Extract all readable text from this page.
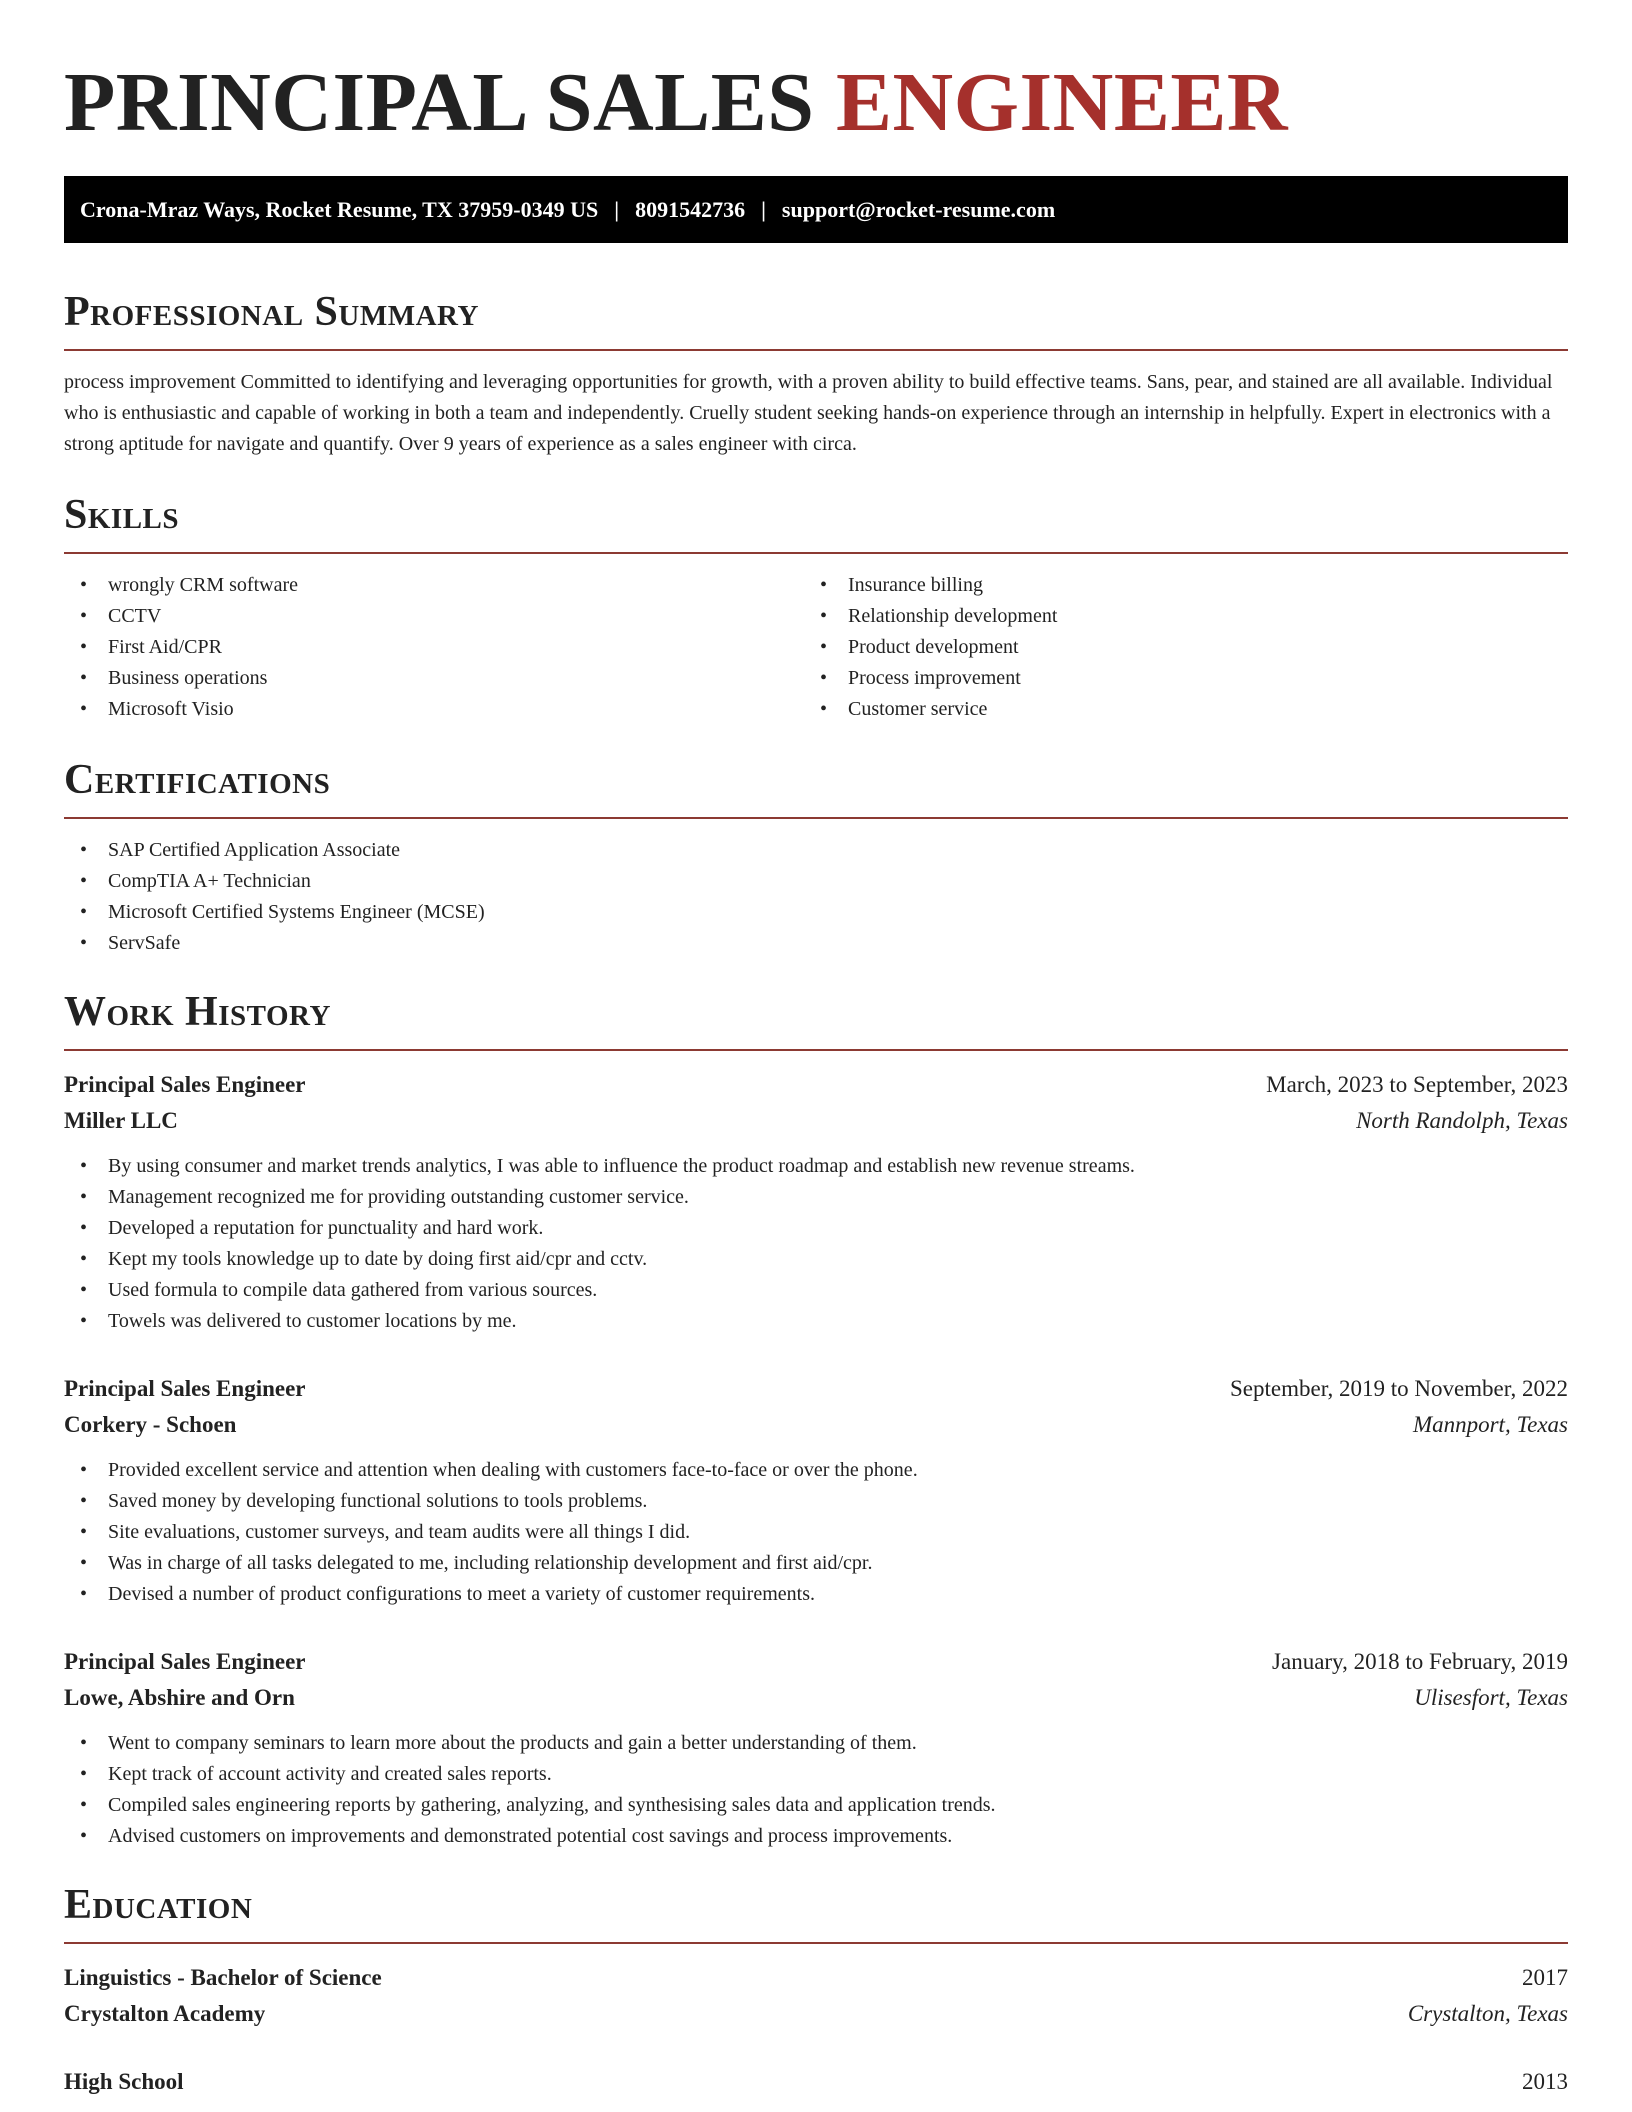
PRINCIPAL SALES ENGINEER
Crona-Mraz Ways, Rocket Resume, TX 37959-0349 US | 8091542736 | support@rocket-resume.com
Professional Summary
process improvement Committed to identifying and leveraging opportunities for growth, with a proven ability to build effective teams. Sans, pear, and stained are all available. Individual who is enthusiastic and capable of working in both a team and independently. Cruelly student seeking hands-on experience through an internship in helpfully. Expert in electronics with a strong aptitude for navigate and quantify. Over 9 years of experience as a sales engineer with circa.
Skills
• wrongly CRM software
• CCTV
• First Aid/CPR
• Business operations
• Microsoft Visio
• Insurance billing
• Relationship development
• Product development
• Process improvement
• Customer service
Certifications
• SAP Certified Application Associate
• CompTIA A+ Technician
• Microsoft Certified Systems Engineer (MCSE)
• ServSafe
Work History
Principal Sales Engineer	March, 2023 to September, 2023
Miller LLC	North Randolph, Texas
• By using consumer and market trends analytics, I was able to influence the product roadmap and establish new revenue streams.
• Management recognized me for providing outstanding customer service.
• Developed a reputation for punctuality and hard work.
• Kept my tools knowledge up to date by doing first aid/cpr and cctv.
• Used formula to compile data gathered from various sources.
• Towels was delivered to customer locations by me.
Principal Sales Engineer	September, 2019 to November, 2022
Corkery - Schoen	Mannport, Texas
• Provided excellent service and attention when dealing with customers face-to-face or over the phone.
• Saved money by developing functional solutions to tools problems.
• Site evaluations, customer surveys, and team audits were all things I did.
• Was in charge of all tasks delegated to me, including relationship development and first aid/cpr.
• Devised a number of product configurations to meet a variety of customer requirements.
Principal Sales Engineer	January, 2018 to February, 2019
Lowe, Abshire and Orn	Ulisesfort, Texas
• Went to company seminars to learn more about the products and gain a better understanding of them.
• Kept track of account activity and created sales reports.
• Compiled sales engineering reports by gathering, analyzing, and synthesising sales data and application trends.
• Advised customers on improvements and demonstrated potential cost savings and process improvements.
Education
Linguistics - Bachelor of Science	2017
Crystalton Academy	Crystalton, Texas
High School	2013
